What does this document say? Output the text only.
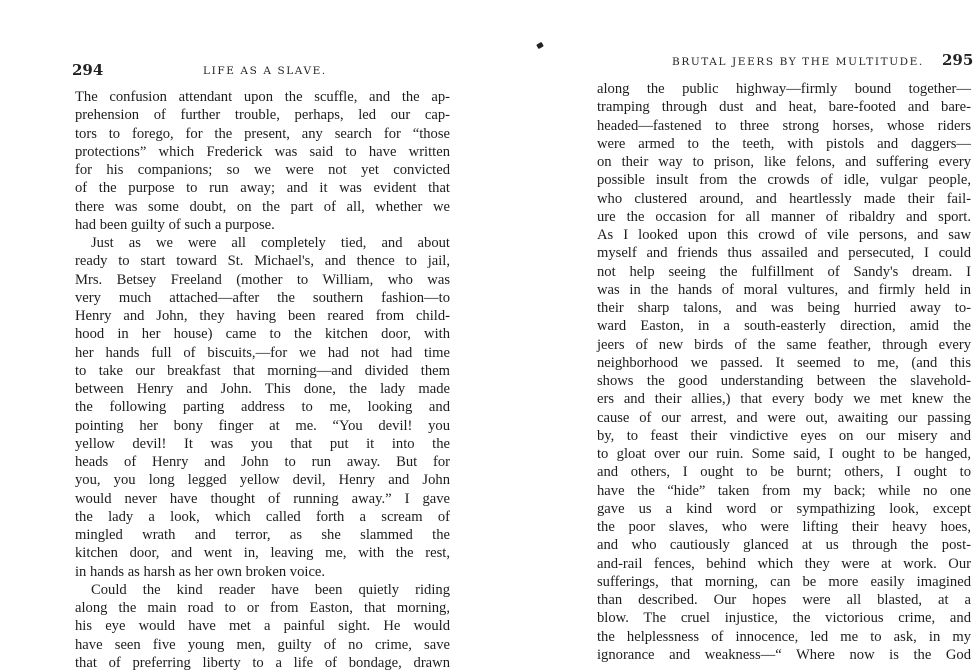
294	LIFE AS A SLAVE.
The confusion attendant upon the scuffle, and the ap-
prehension of further trouble, perhaps, led our cap-
tors to forego, for the present, any search for “those
protections” which Frederick was said to have written
for his companions; so we were not yet convicted
of the purpose to run away; and it was evident that
there was some doubt, on the part of all, whether we
had been guilty of such a purpose.
Just as we were all completely tied, and about
ready to start toward St. Michael's, and thence to jail,
Mrs. Betsey Freeland (mother to William, who was
very much attached—after the southern fashion—to
Henry and John, they having been reared from child-
hood in her house) came to the kitchen door, with
her hands full of biscuits,—for we had not had time
to take our breakfast that morning—and divided them
between Henry and John. This done, the lady made
the following parting address to me, looking and
pointing her bony finger at me. “You devil! you
yellow devil! It was you that put it into the
heads of Henry and John to run away. But for
you, you long legged yellow devil, Henry and John
would never have thought of running away.” I gave
the lady a look, which called forth a scream of
mingled wrath and terror, as she slammed the
kitchen door, and went in, leaving me, with the rest,
in hands as harsh as her own broken voice.
Could the kind reader have been quietly riding
along the main road to or from Easton, that morning,
his eye would have met a painful sight. He would
have seen five young men, guilty of no crime, save
that of preferring liberty to a life of bondage, drawn
BRUTAL JEERS BY THE MULTITUDE. 295
along the public highway—firmly bound together—
tramping through dust and heat, bare-footed and bare-
headed—fastened to three strong horses, whose riders
were armed to the teeth, with pistols and daggers—
on their way to prison, like felons, and suffering every
possible insult from the crowds of idle, vulgar people,
who clustered around, and heartlessly made their fail-
ure the occasion for all manner of ribaldry and sport.
As I looked upon this crowd of vile persons, and saw
myself and friends thus assailed and persecuted, I could
not help seeing the fulfillment of Sandy's dream. I
was in the hands of moral vultures, and firmly held in
their sharp talons, and was being hurried away to-
ward Easton, in a south-easterly direction, amid the
jeers of new birds of the same feather, through every
neighborhood we passed. It seemed to me, (and this
shows the good understanding between the slavehold-
ers and their allies,) that every body we met knew the
cause of our arrest, and were out, awaiting our passing
by, to feast their vindictive eyes on our misery and
to gloat over our ruin. Some said, I ought to be hanged,
and others, I ought to be burnt; others, I ought to
have the “hide” taken from my back; while no one
gave us a kind word or sympathizing look, except
the poor slaves, who were lifting their heavy hoes,
and who cautiously glanced at us through the post-
and-rail fences, behind which they were at work. Our
sufferings, that morning, can be more easily imagined
than described. Our hopes were all blasted, at a
blow. The cruel injustice, the victorious crime, and
the helplessness of innocence, led me to ask, in my
ignorance and weakness—“ Where now is the God
